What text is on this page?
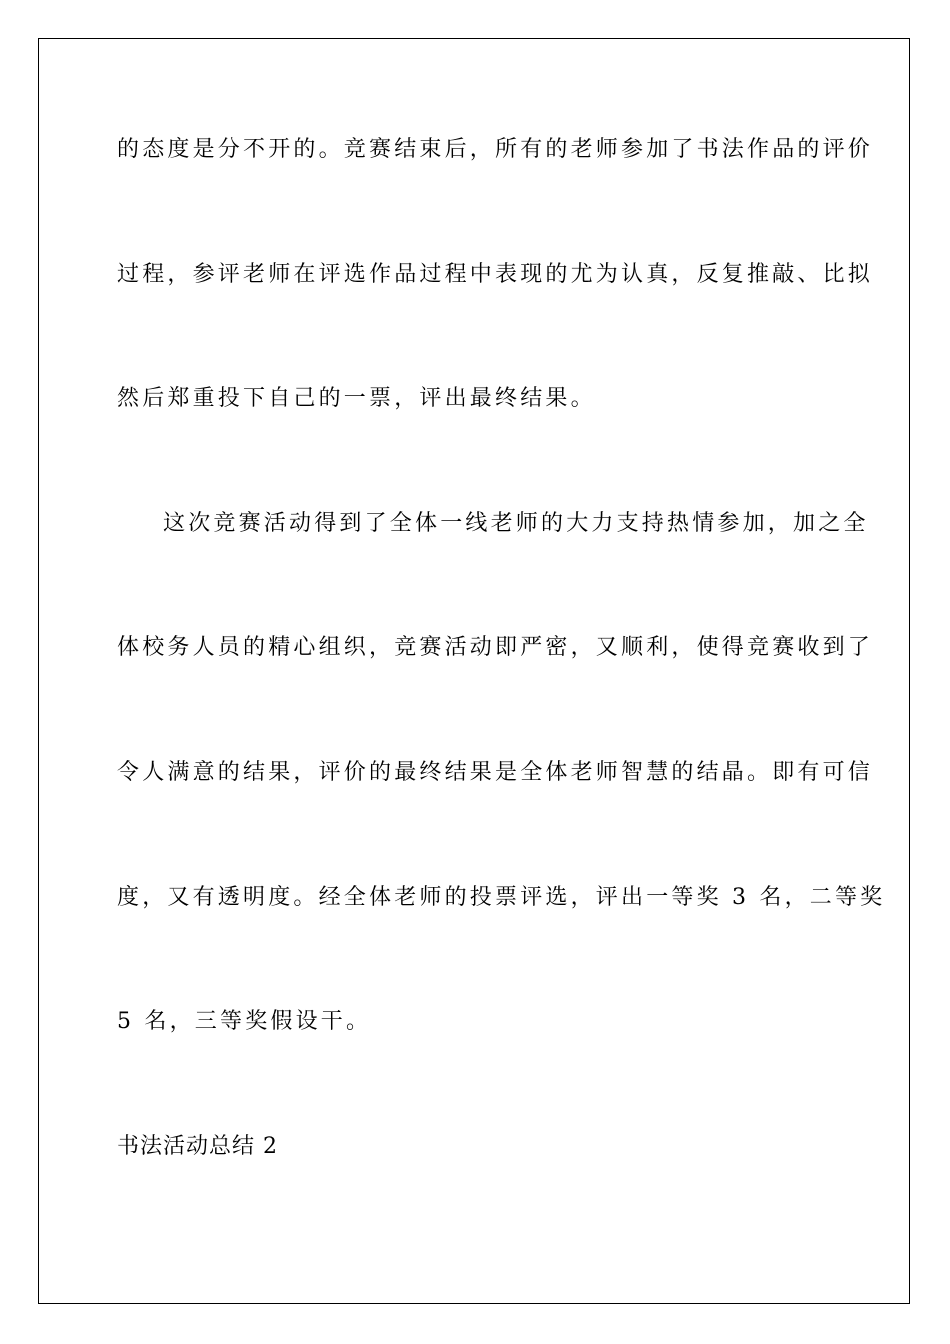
的态度是分不开的。竞赛结束后，所有的老师参加了书法作品的评价
过程，参评老师在评选作品过程中表现的尤为认真，反复推敲、比拟
然后郑重投下自己的一票，评出最终结果。
这次竞赛活动得到了全体一线老师的大力支持热情参加，加之全
体校务人员的精心组织，竞赛活动即严密，又顺利，使得竞赛收到了
令人满意的结果，评价的最终结果是全体老师智慧的结晶。即有可信
度，又有透明度。经全体老师的投票评选，评出一等奖 3 名，二等奖
5 名，三等奖假设干。
书法活动总结 2
